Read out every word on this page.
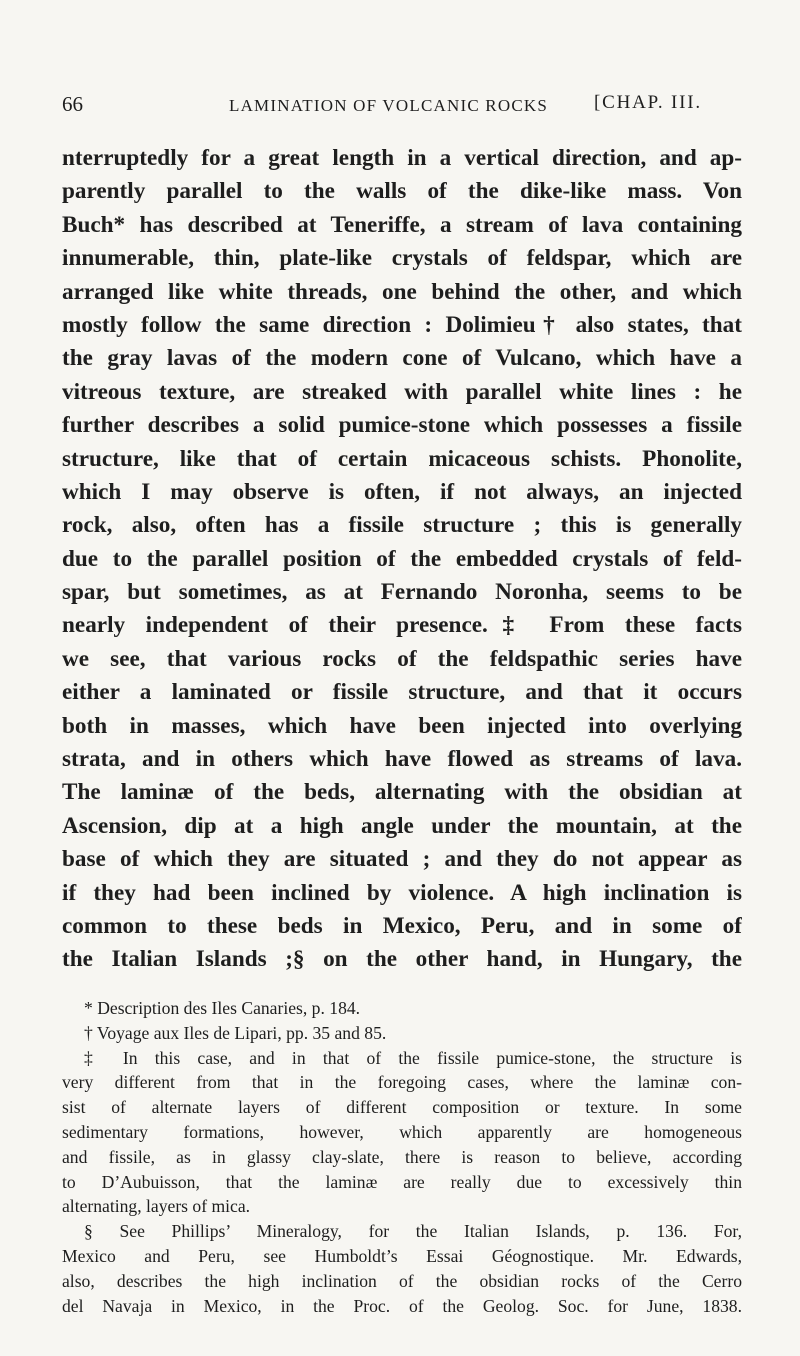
66	LAMINATION OF VOLCANIC ROCKS [CHAP. III.
nterruptedly for a great length in a vertical direction, and ap-
parently parallel to the walls of the dike-like mass. Von
Buch* has described at Teneriffe, a stream of lava containing
innumerable, thin, plate-like crystals of feldspar, which are
arranged like white threads, one behind the other, and which
mostly follow the same direction : Dolimieu† also states, that
the gray lavas of the modern cone of Vulcano, which have a
vitreous texture, are streaked with parallel white lines : he
further describes a solid pumice-stone which possesses a fissile
structure, like that of certain micaceous schists. Phonolite,
which I may observe is often, if not always, an injected
rock, also, often has a fissile structure ; this is generally
due to the parallel position of the embedded crystals of feld-
spar, but sometimes, as at Fernando Noronha, seems to be
nearly independent of their presence.‡ From these facts
we see, that various rocks of the feldspathic series have
either a laminated or fissile structure, and that it occurs
both in masses, which have been injected into overlying
strata, and in others which have flowed as streams of lava.
The laminæ of the beds, alternating with the obsidian at
Ascension, dip at a high angle under the mountain, at the
base of which they are situated ; and they do not appear as
if they had been inclined by violence. A high inclination is
common to these beds in Mexico, Peru, and in some of
the Italian Islands ;§ on the other hand, in Hungary, the
* Description des Iles Canaries, p. 184.
† Voyage aux Iles de Lipari, pp. 35 and 85.
‡ In this case, and in that of the fissile pumice-stone, the structure is
very different from that in the foregoing cases, where the laminæ con-
sist of alternate layers of different composition or texture. In some
sedimentary formations, however, which apparently are homogeneous
and fissile, as in glassy clay-slate, there is reason to believe, according
to D’Aubuisson, that the laminæ are really due to excessively thin
alternating, layers of mica.
§ See Phillips’ Mineralogy, for the Italian Islands, p. 136. For,
Mexico and Peru, see Humboldt’s Essai Géognostique. Mr. Edwards,
also, describes the high inclination of the obsidian rocks of the Cerro
del Navaja in Mexico, in the Proc. of the Geolog. Soc. for June, 1838.
